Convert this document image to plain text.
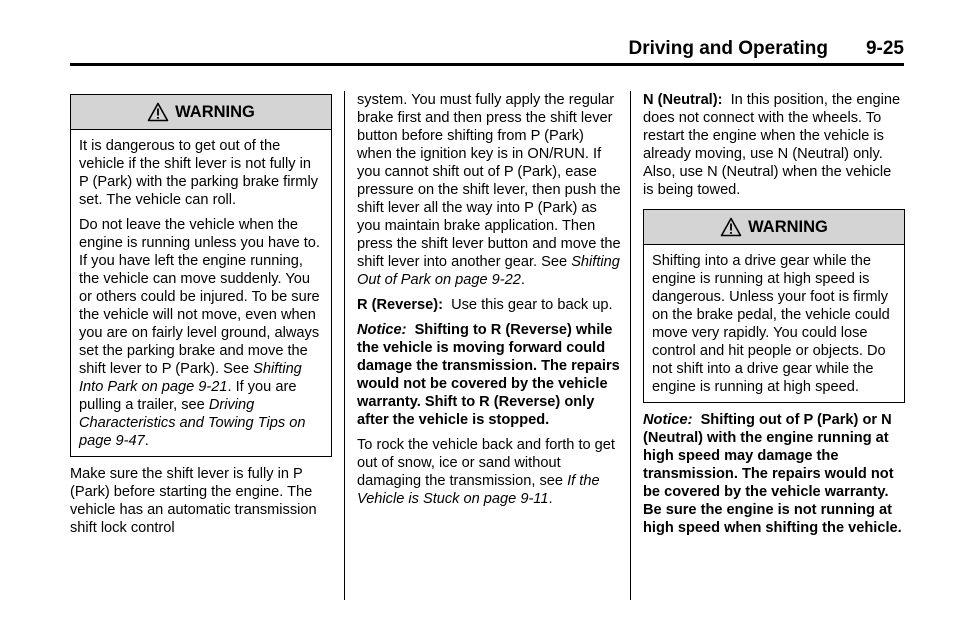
Driving and Operating 9-25
WARNING

It is dangerous to get out of the vehicle if the shift lever is not fully in P (Park) with the parking brake firmly set. The vehicle can roll.

Do not leave the vehicle when the engine is running unless you have to. If you have left the engine running, the vehicle can move suddenly. You or others could be injured. To be sure the vehicle will not move, even when you are on fairly level ground, always set the parking brake and move the shift lever to P (Park). See Shifting Into Park on page 9‑21. If you are pulling a trailer, see Driving Characteristics and Towing Tips on page 9‑47.

Make sure the shift lever is fully in P (Park) before starting the engine. The vehicle has an automatic transmission shift lock control

system. You must fully apply the regular brake first and then press the shift lever button before shifting from P (Park) when the ignition key is in ON/RUN. If you cannot shift out of P (Park), ease pressure on the shift lever, then push the shift lever all the way into P (Park) as you maintain brake application. Then press the shift lever button and move the shift lever into another gear. See Shifting Out of Park on page 9‑22.

R (Reverse): Use this gear to back up.

Notice: Shifting to R (Reverse) while the vehicle is moving forward could damage the transmission. The repairs would not be covered by the vehicle warranty. Shift to R (Reverse) only after the vehicle is stopped.

To rock the vehicle back and forth to get out of snow, ice or sand without damaging the transmission, see If the Vehicle is Stuck on page 9‑11.

N (Neutral): In this position, the engine does not connect with the wheels. To restart the engine when the vehicle is already moving, use N (Neutral) only. Also, use N (Neutral) when the vehicle is being towed.

WARNING

Shifting into a drive gear while the engine is running at high speed is dangerous. Unless your foot is firmly on the brake pedal, the vehicle could move very rapidly. You could lose control and hit people or objects. Do not shift into a drive gear while the engine is running at high speed.

Notice: Shifting out of P (Park) or N (Neutral) with the engine running at high speed may damage the transmission. The repairs would not be covered by the vehicle warranty. Be sure the engine is not running at high speed when shifting the vehicle.
